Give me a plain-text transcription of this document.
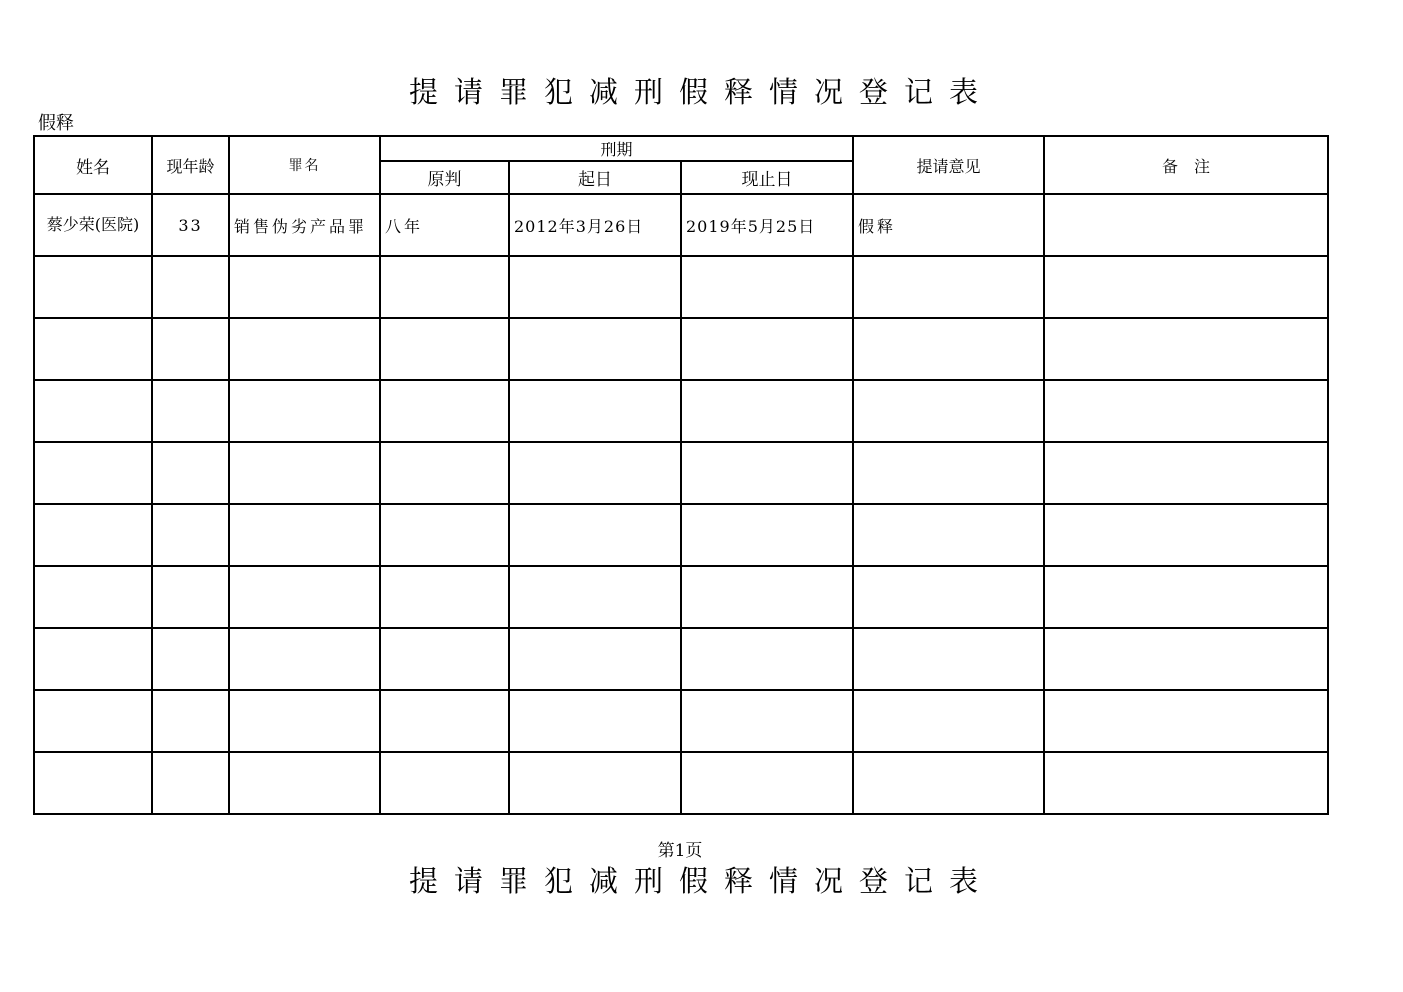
提请罪犯减刑假释情况登记表
假释
姓名	现年龄	罪名	刑期			提请意见	备　注
			原判	起日	现止日		
蔡少荣(医院)	33	销售伪劣产品罪	八年	2012年3月26日	2019年5月25日	假释	

第1页
提请罪犯减刑假释情况登记表
